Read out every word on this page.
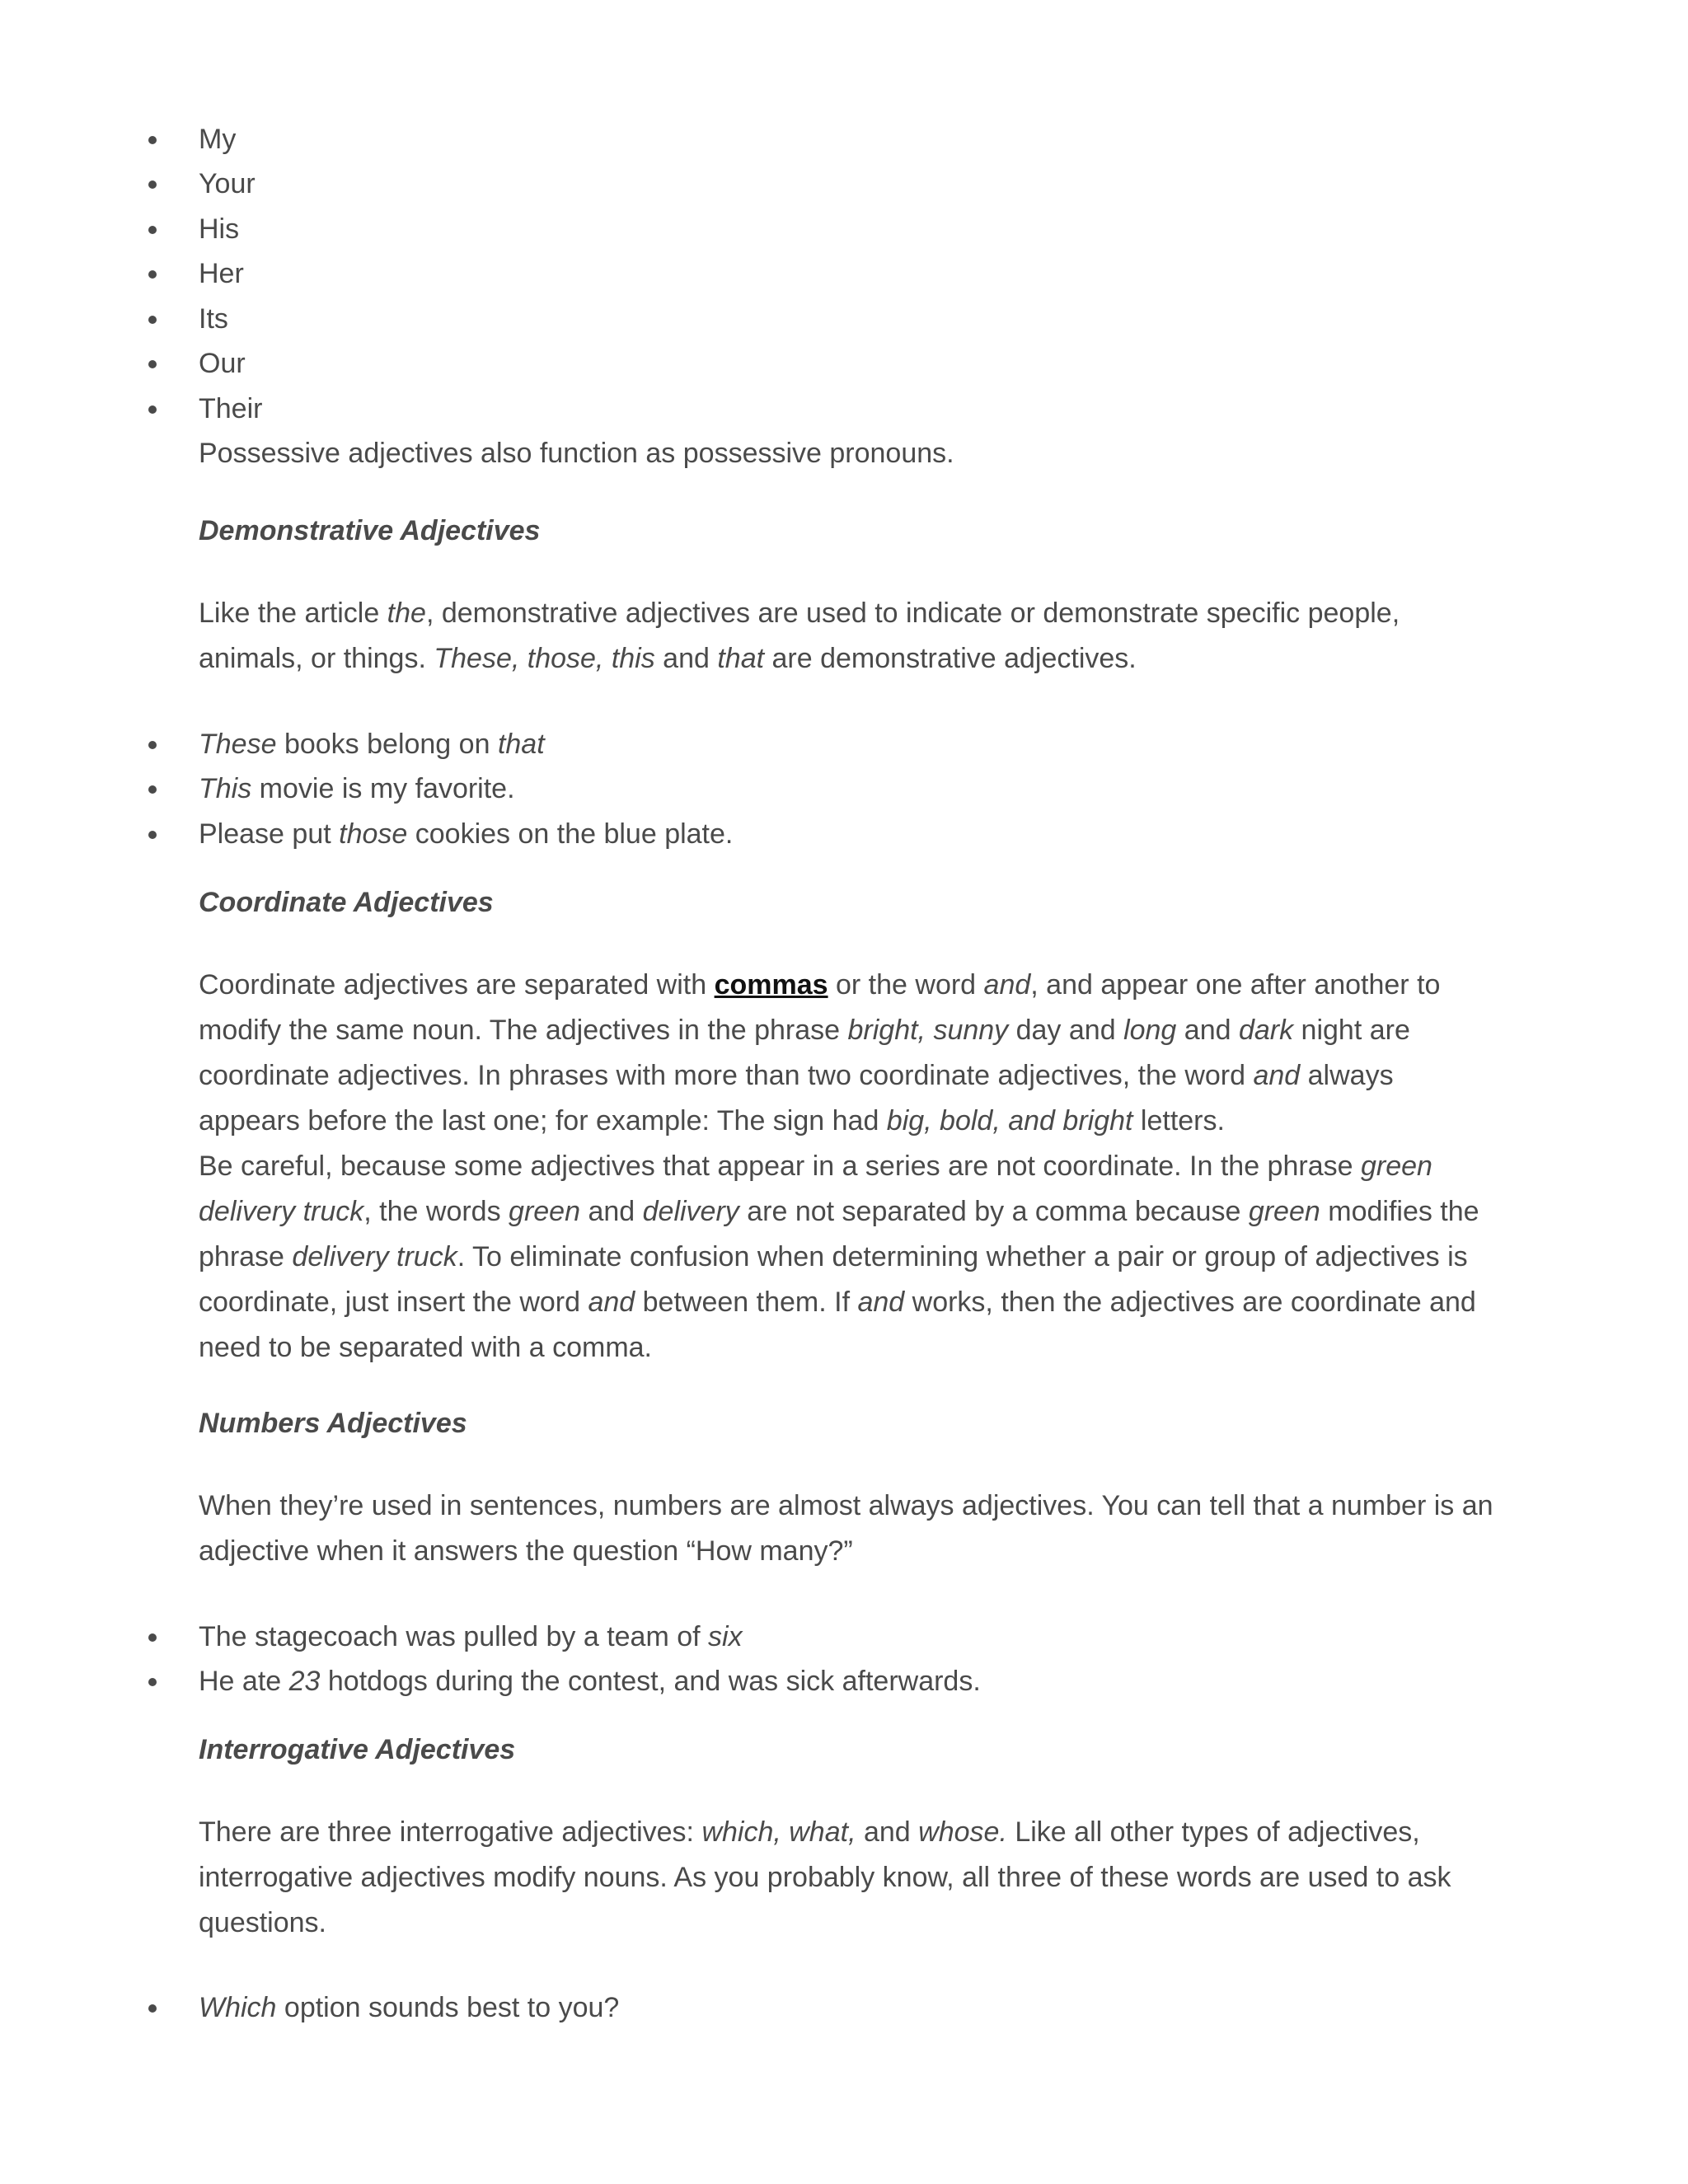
My
Your
His
Her
Its
Our
Their

Possessive adjectives also function as possessive pronouns.

Demonstrative Adjectives

Like the article the, demonstrative adjectives are used to indicate or demonstrate specific people, animals, or things. These, those, this and that are demonstrative adjectives.

These books belong on that
This movie is my favorite.
Please put those cookies on the blue plate.
Coordinate Adjectives

Coordinate adjectives are separated with commas or the word and, and appear one after another to modify the same noun. The adjectives in the phrase bright, sunny day and long and dark night are coordinate adjectives. In phrases with more than two coordinate adjectives, the word and always appears before the last one; for example: The sign had big, bold, and bright letters.
Be careful, because some adjectives that appear in a series are not coordinate. In the phrase green delivery truck, the words green and delivery are not separated by a comma because green modifies the phrase delivery truck. To eliminate confusion when determining whether a pair or group of adjectives is coordinate, just insert the word and between them. If and works, then the adjectives are coordinate and need to be separated with a comma.

Numbers Adjectives

When they’re used in sentences, numbers are almost always adjectives. You can tell that a number is an adjective when it answers the question “How many?”

The stagecoach was pulled by a team of six
He ate 23 hotdogs during the contest, and was sick afterwards.
Interrogative Adjectives

There are three interrogative adjectives: which, what, and whose. Like all other types of adjectives, interrogative adjectives modify nouns. As you probably know, all three of these words are used to ask questions.

Which option sounds best to you?
